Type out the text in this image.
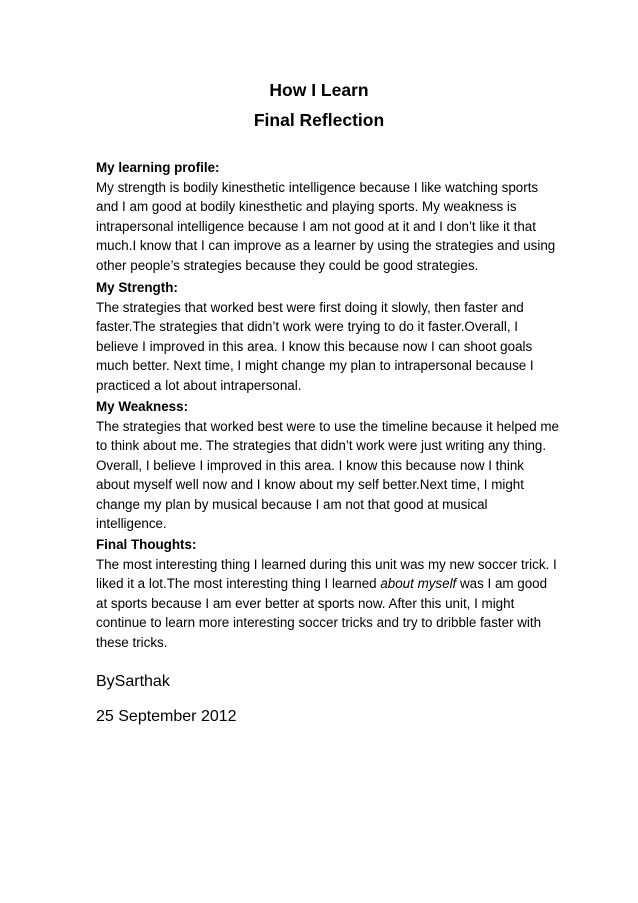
How I Learn
Final Reflection
My learning profile:

My strength is bodily kinesthetic intelligence because I like watching sports
and I am good at bodily kinesthetic and playing sports. My weakness is
intrapersonal intelligence because I am not good at it and I don’t like it that
much.I know that I can improve as a learner by using the strategies and using
other people’s strategies because they could be good strategies.

My Strength:

The strategies that worked best were first doing it slowly, then faster and
faster.The strategies that didn’t work were trying to do it faster.Overall, I
believe I improved in this area. I know this because now I can shoot goals
much better. Next time, I might change my plan to intrapersonal because I
practiced a lot about intrapersonal.

My Weakness:

The strategies that worked best were to use the timeline because it helped me
to think about me. The strategies that didn’t work were just writing any thing.
Overall, I believe I improved in this area. I know this because now I think
about myself well now and I know about my self better.Next time, I might
change my plan by musical because I am not that good at musical
intelligence.

Final Thoughts:

The most interesting thing I learned during this unit was my new soccer trick. I
liked it a lot.The most interesting thing I learned about myself was I am good
at sports because I am ever better at sports now. After this unit, I might
continue to learn more interesting soccer tricks and try to dribble faster with
these tricks.

BySarthak
25 September 2012
